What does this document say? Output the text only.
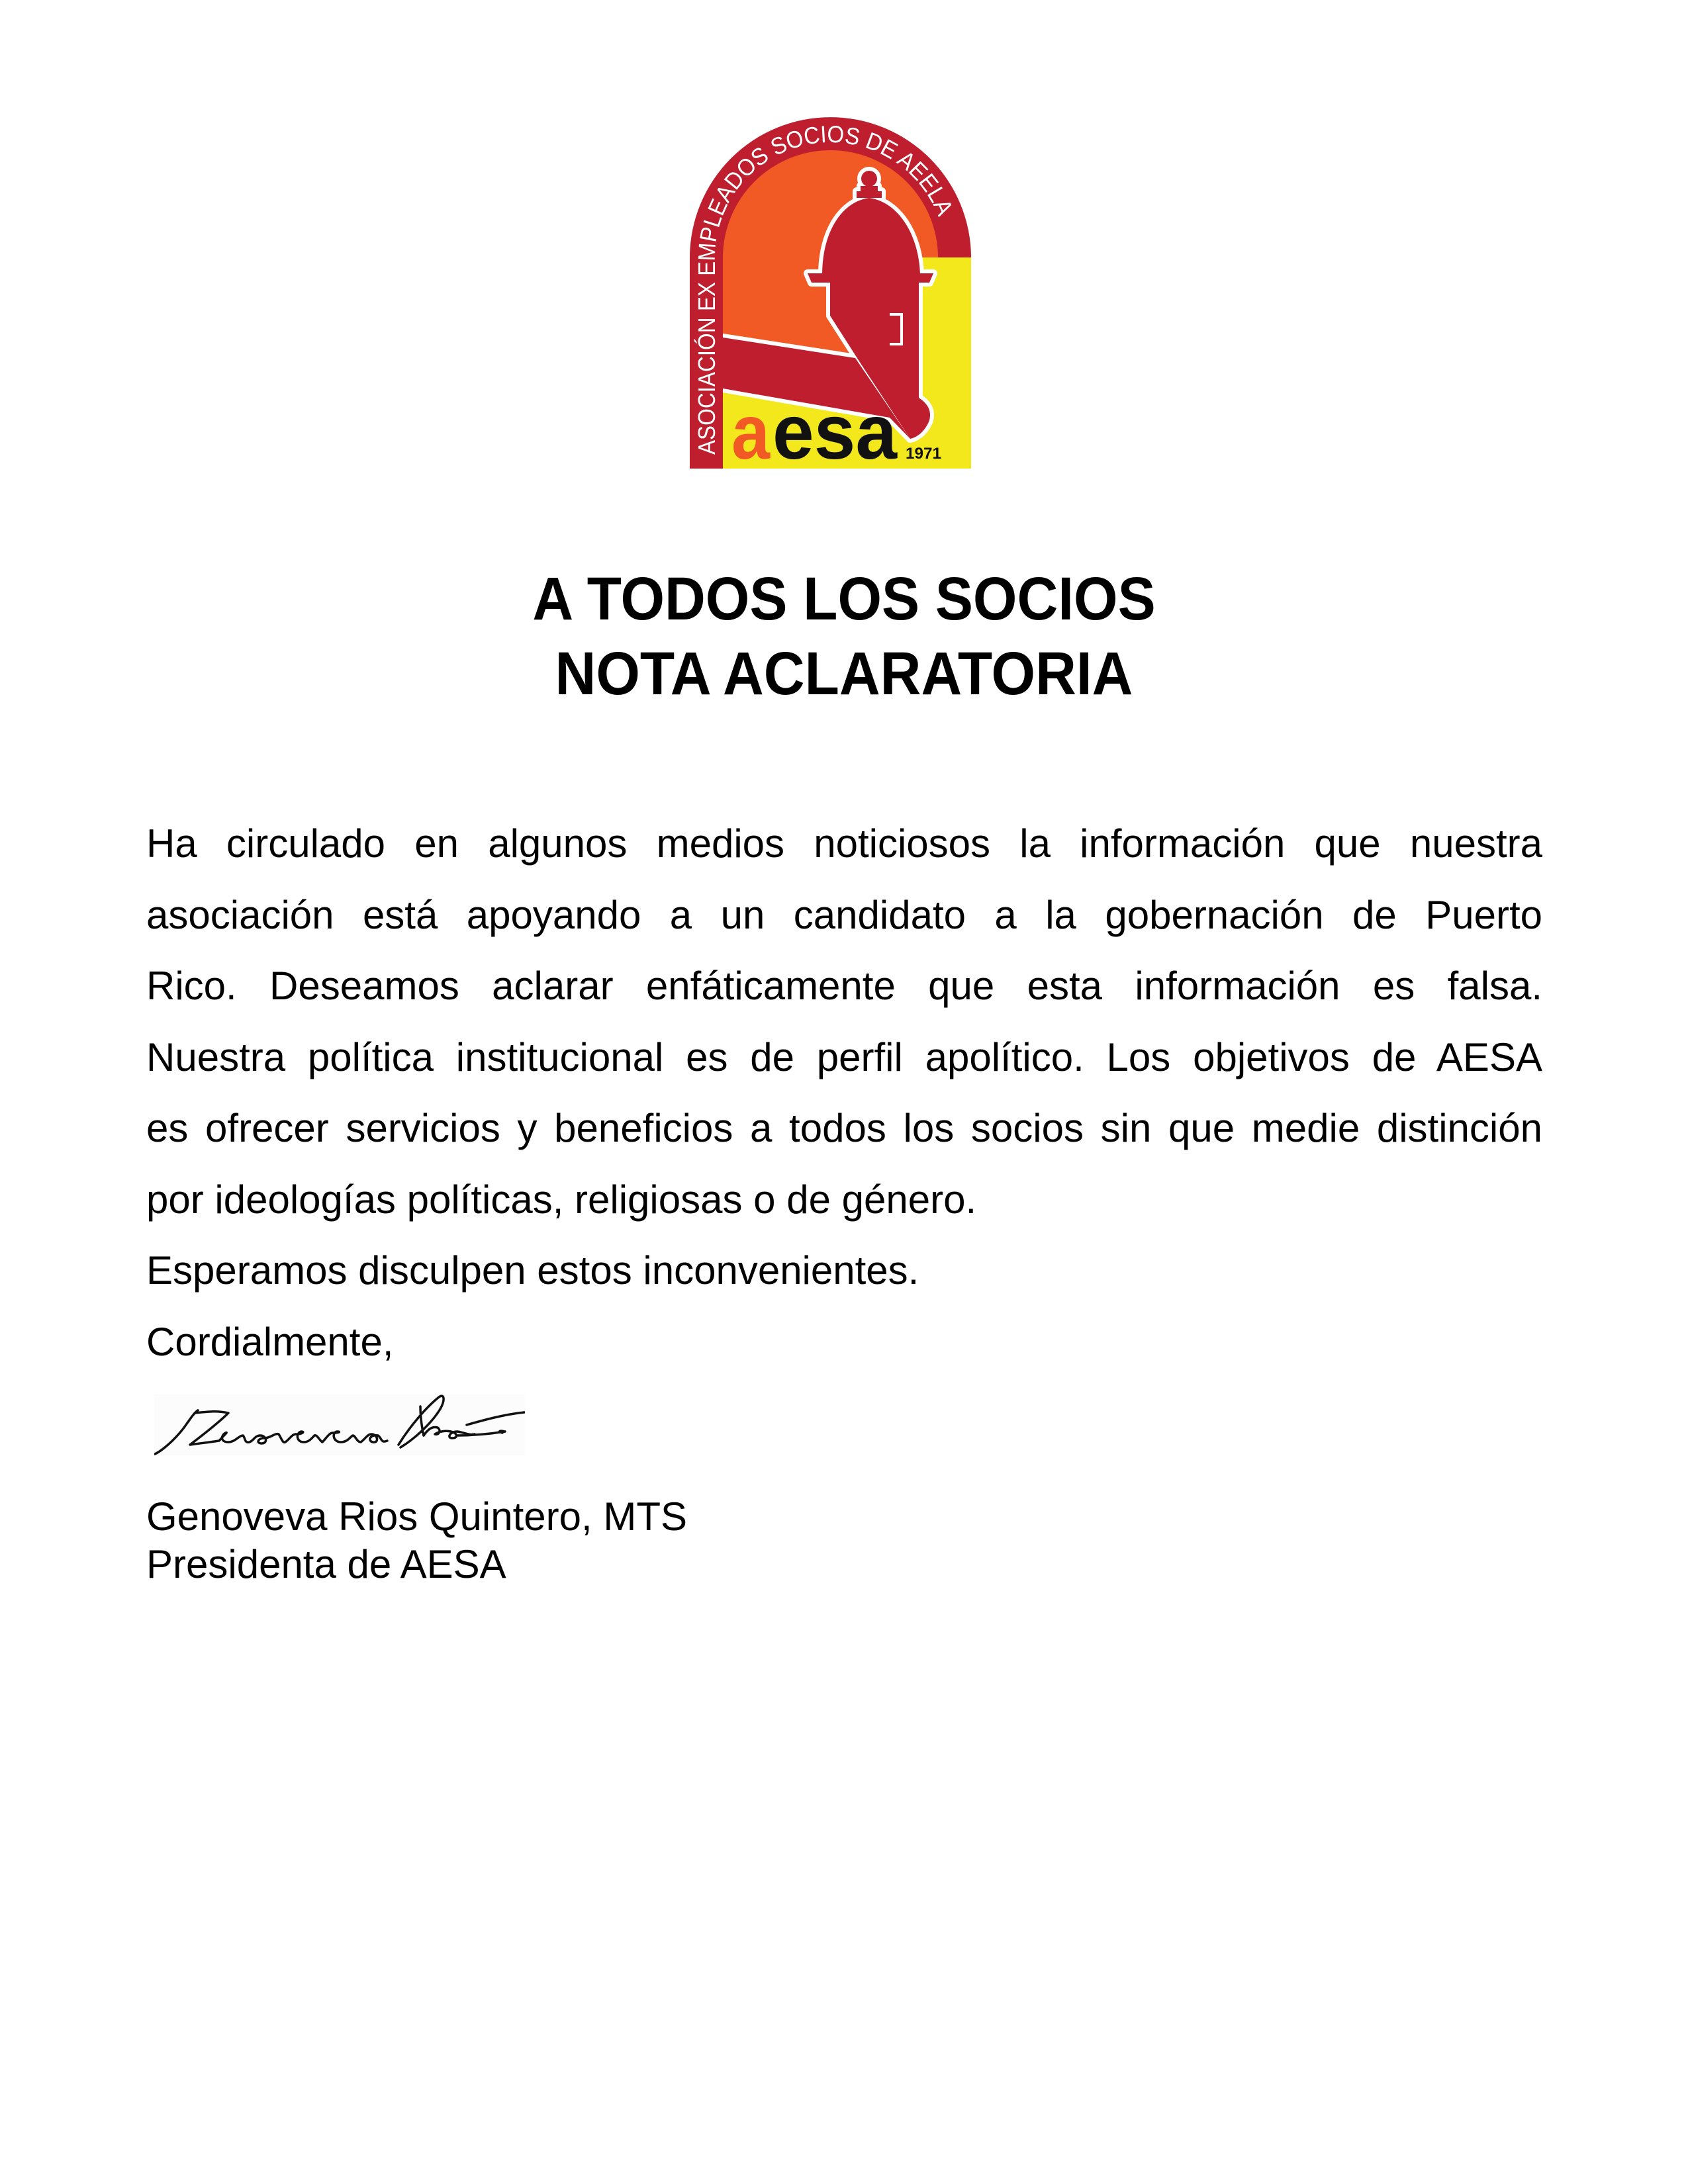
ASOCIACIÓN EX EMPLEADOS SOCIOS DE AEELA
a esa 1971
A TODOS LOS SOCIOS
NOTA ACLARATORIA
Ha circulado en algunos medios noticiosos la información que nuestra
asociación está apoyando a un candidato a la gobernación de Puerto
Rico. Deseamos aclarar enfáticamente que esta información es falsa.
Nuestra política institucional es de perfil apolítico. Los objetivos de AESA
es ofrecer servicios y beneficios a todos los socios sin que medie distinción
por ideologías políticas, religiosas o de género.
Esperamos disculpen estos inconvenientes.
Cordialmente,
Genoveva Rios Quintero, MTS
Presidenta de AESA
